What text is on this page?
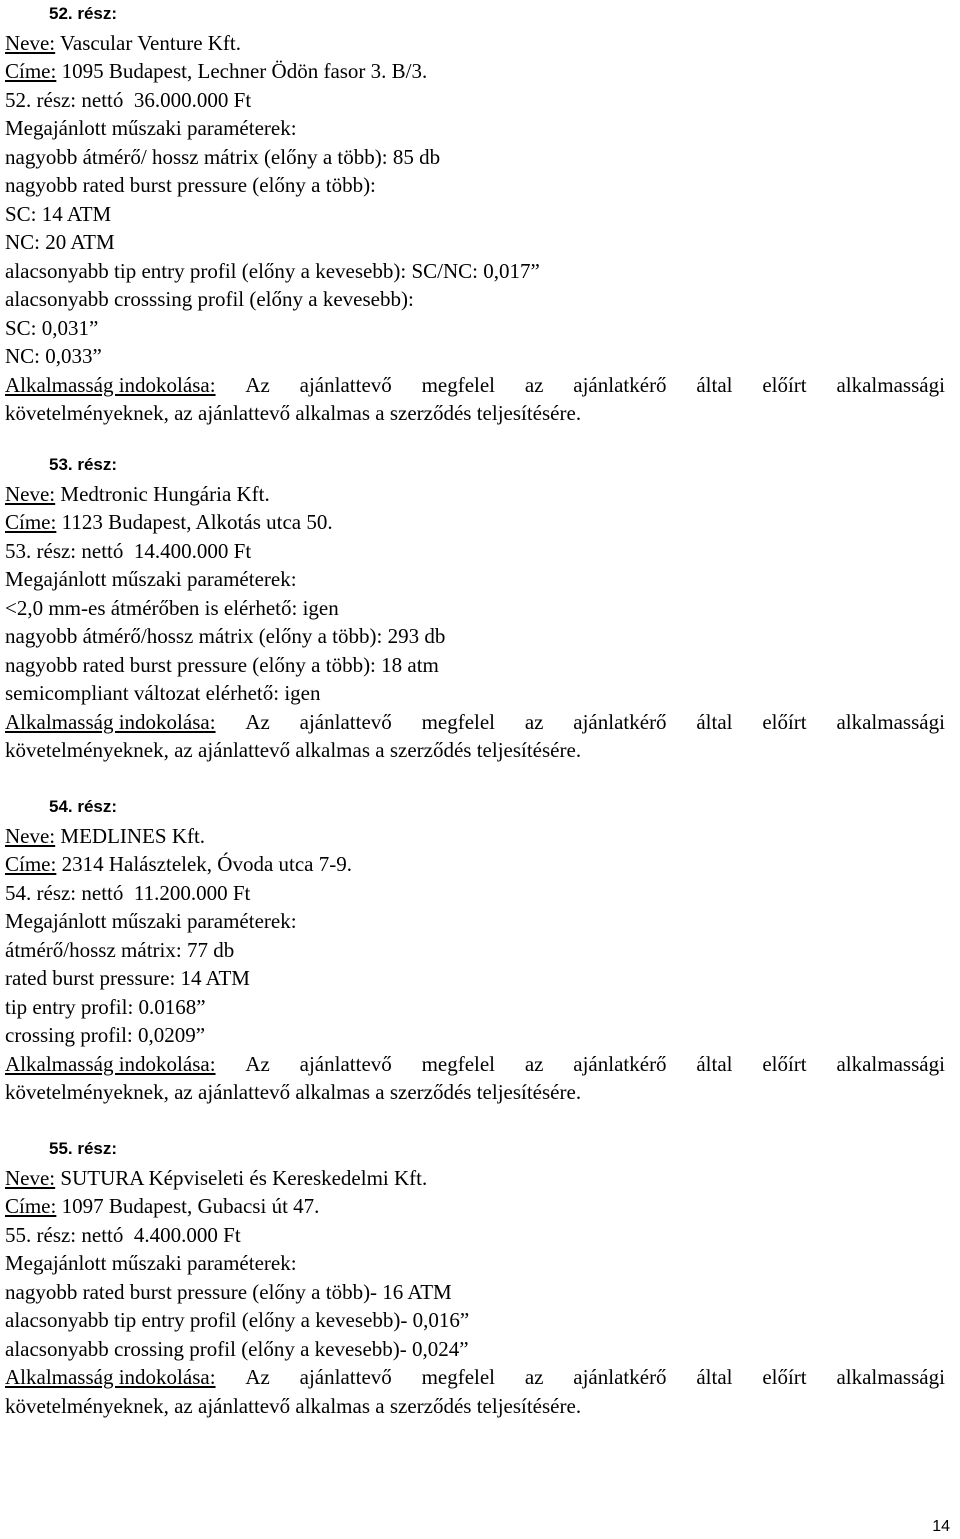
52. rész:
Neve: Vascular Venture Kft.
Címe: 1095 Budapest, Lechner Ödön fasor 3. B/3.
52. rész: nettó 36.000.000 Ft
Megajánlott műszaki paraméterek:
nagyobb átmérő/ hossz mátrix (előny a több): 85 db
nagyobb rated burst pressure (előny a több):
SC: 14 ATM
NC: 20 ATM
alacsonyabb tip entry profil (előny a kevesebb): SC/NC: 0,017”
alacsonyabb crosssing profil (előny a kevesebb):
SC: 0,031”
NC: 0,033”
Alkalmasság indokolása: Az ajánlattevő megfelel az ajánlatkérő által előírt alkalmassági
követelményeknek, az ajánlattevő alkalmas a szerződés teljesítésére.
53. rész:
Neve: Medtronic Hungária Kft.
Címe: 1123 Budapest, Alkotás utca 50.
53. rész: nettó 14.400.000 Ft
Megajánlott műszaki paraméterek:
<2,0 mm-es átmérőben is elérhető: igen
nagyobb átmérő/hossz mátrix (előny a több): 293 db
nagyobb rated burst pressure (előny a több): 18 atm
semicompliant változat elérhető: igen
Alkalmasság indokolása: Az ajánlattevő megfelel az ajánlatkérő által előírt alkalmassági
követelményeknek, az ajánlattevő alkalmas a szerződés teljesítésére.
54. rész:
Neve: MEDLINES Kft.
Címe: 2314 Halásztelek, Óvoda utca 7-9.
54. rész: nettó 11.200.000 Ft
Megajánlott műszaki paraméterek:
átmérő/hossz mátrix: 77 db
rated burst pressure: 14 ATM
tip entry profil: 0.0168”
crossing profil: 0,0209”
Alkalmasság indokolása: Az ajánlattevő megfelel az ajánlatkérő által előírt alkalmassági
követelményeknek, az ajánlattevő alkalmas a szerződés teljesítésére.
55. rész:
Neve: SUTURA Képviseleti és Kereskedelmi Kft.
Címe: 1097 Budapest, Gubacsi út 47.
55. rész: nettó 4.400.000 Ft
Megajánlott műszaki paraméterek:
nagyobb rated burst pressure (előny a több)- 16 ATM
alacsonyabb tip entry profil (előny a kevesebb)- 0,016”
alacsonyabb crossing profil (előny a kevesebb)- 0,024”
Alkalmasság indokolása: Az ajánlattevő megfelel az ajánlatkérő által előírt alkalmassági
követelményeknek, az ajánlattevő alkalmas a szerződés teljesítésére.
14
